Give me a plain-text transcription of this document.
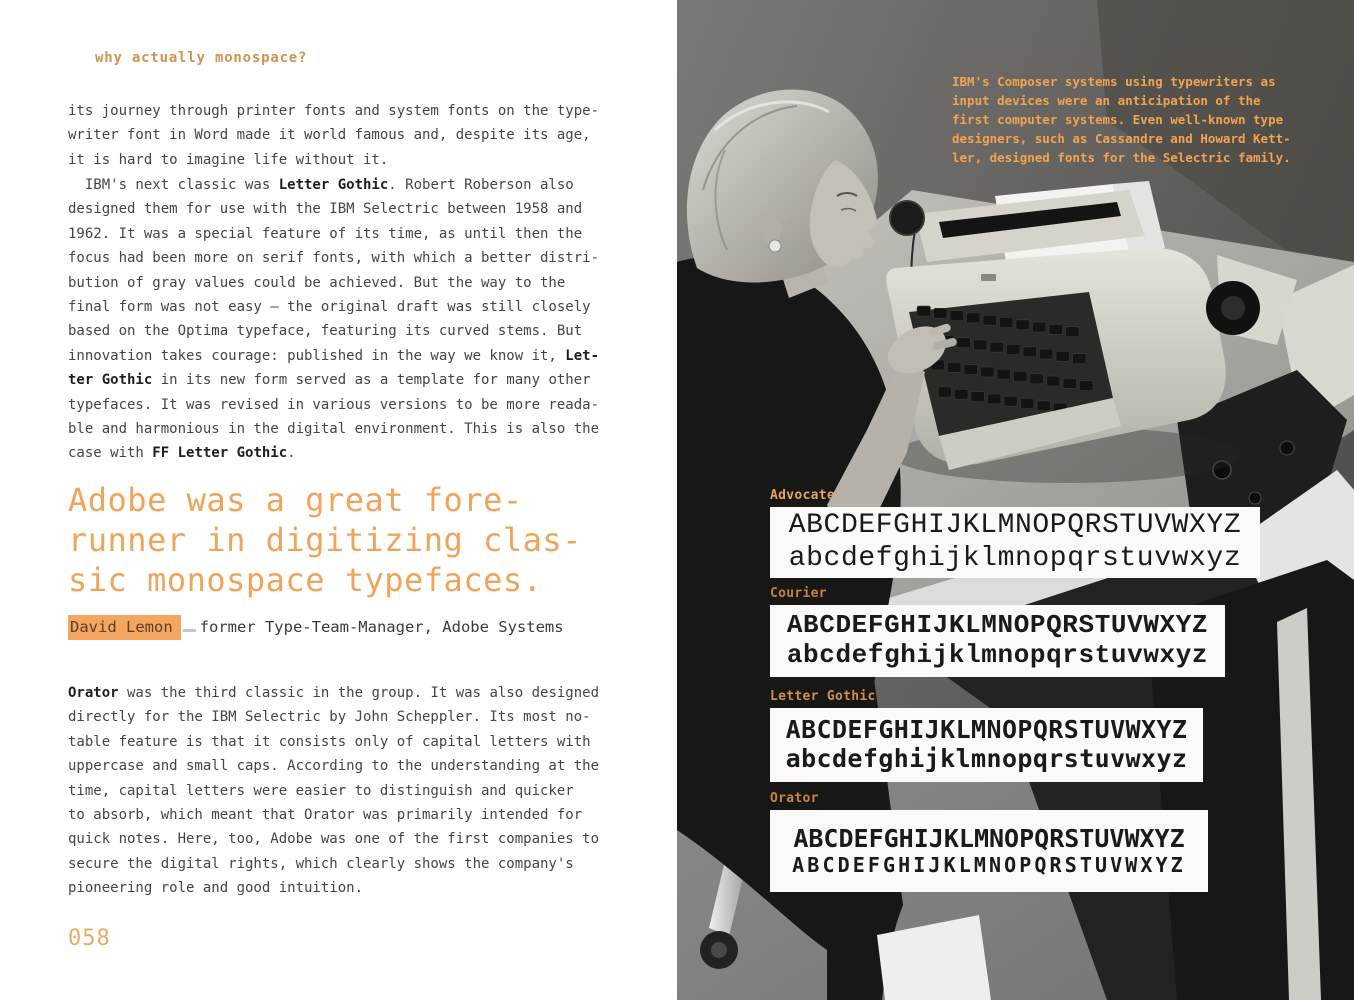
why actually monospace?
its journey through printer fonts and system fonts on the type-
writer font in Word made it world famous and, despite its age,
it is hard to imagine life without it.
IBM's next classic was Letter Gothic. Robert Roberson also
designed them for use with the IBM Selectric between 1958 and
1962. It was a special feature of its time, as until then the
focus had been more on serif fonts, with which a better distri-
bution of gray values could be achieved. But the way to the
final form was not easy — the original draft was still closely
based on the Optima typeface, featuring its curved stems. But
innovation takes courage: published in the way we know it, Let-
ter Gothic in its new form served as a template for many other
typefaces. It was revised in various versions to be more reada-
ble and harmonious in the digital environment. This is also the
case with FF Letter Gothic.
Adobe was a great fore-
runner in digitizing clas-
sic monospace typefaces.
David Lemon former Type-Team-Manager, Adobe Systems
Orator was the third classic in the group. It was also designed
directly for the IBM Selectric by John Scheppler. Its most no-
table feature is that it consists only of capital letters with
uppercase and small caps. According to the understanding at the
time, capital letters were easier to distinguish and quicker
to absorb, which meant that Orator was primarily intended for
quick notes. Here, too, Adobe was one of the first companies to
secure the digital rights, which clearly shows the company's
pioneering role and good intuition.
058
IBM's Composer systems using typewriters as
input devices were an anticipation of the
first computer systems. Even well-known type
designers, such as Cassandre and Howard Kett-
ler, designed fonts for the Selectric family.
Advocate
ABCDEFGHIJKLMNOPQRSTUVWXYZ
abcdefghijklmnopqrstuvwxyz
Courier
ABCDEFGHIJKLMNOPQRSTUVWXYZ
abcdefghijklmnopqrstuvwxyz
Letter Gothic
ABCDEFGHIJKLMNOPQRSTUVWXYZ
abcdefghijklmnopqrstuvwxyz
Orator
ABCDEFGHIJKLMNOPQRSTUVWXYZ
ABCDEFGHIJKLMNOPQRSTUVWXYZ
